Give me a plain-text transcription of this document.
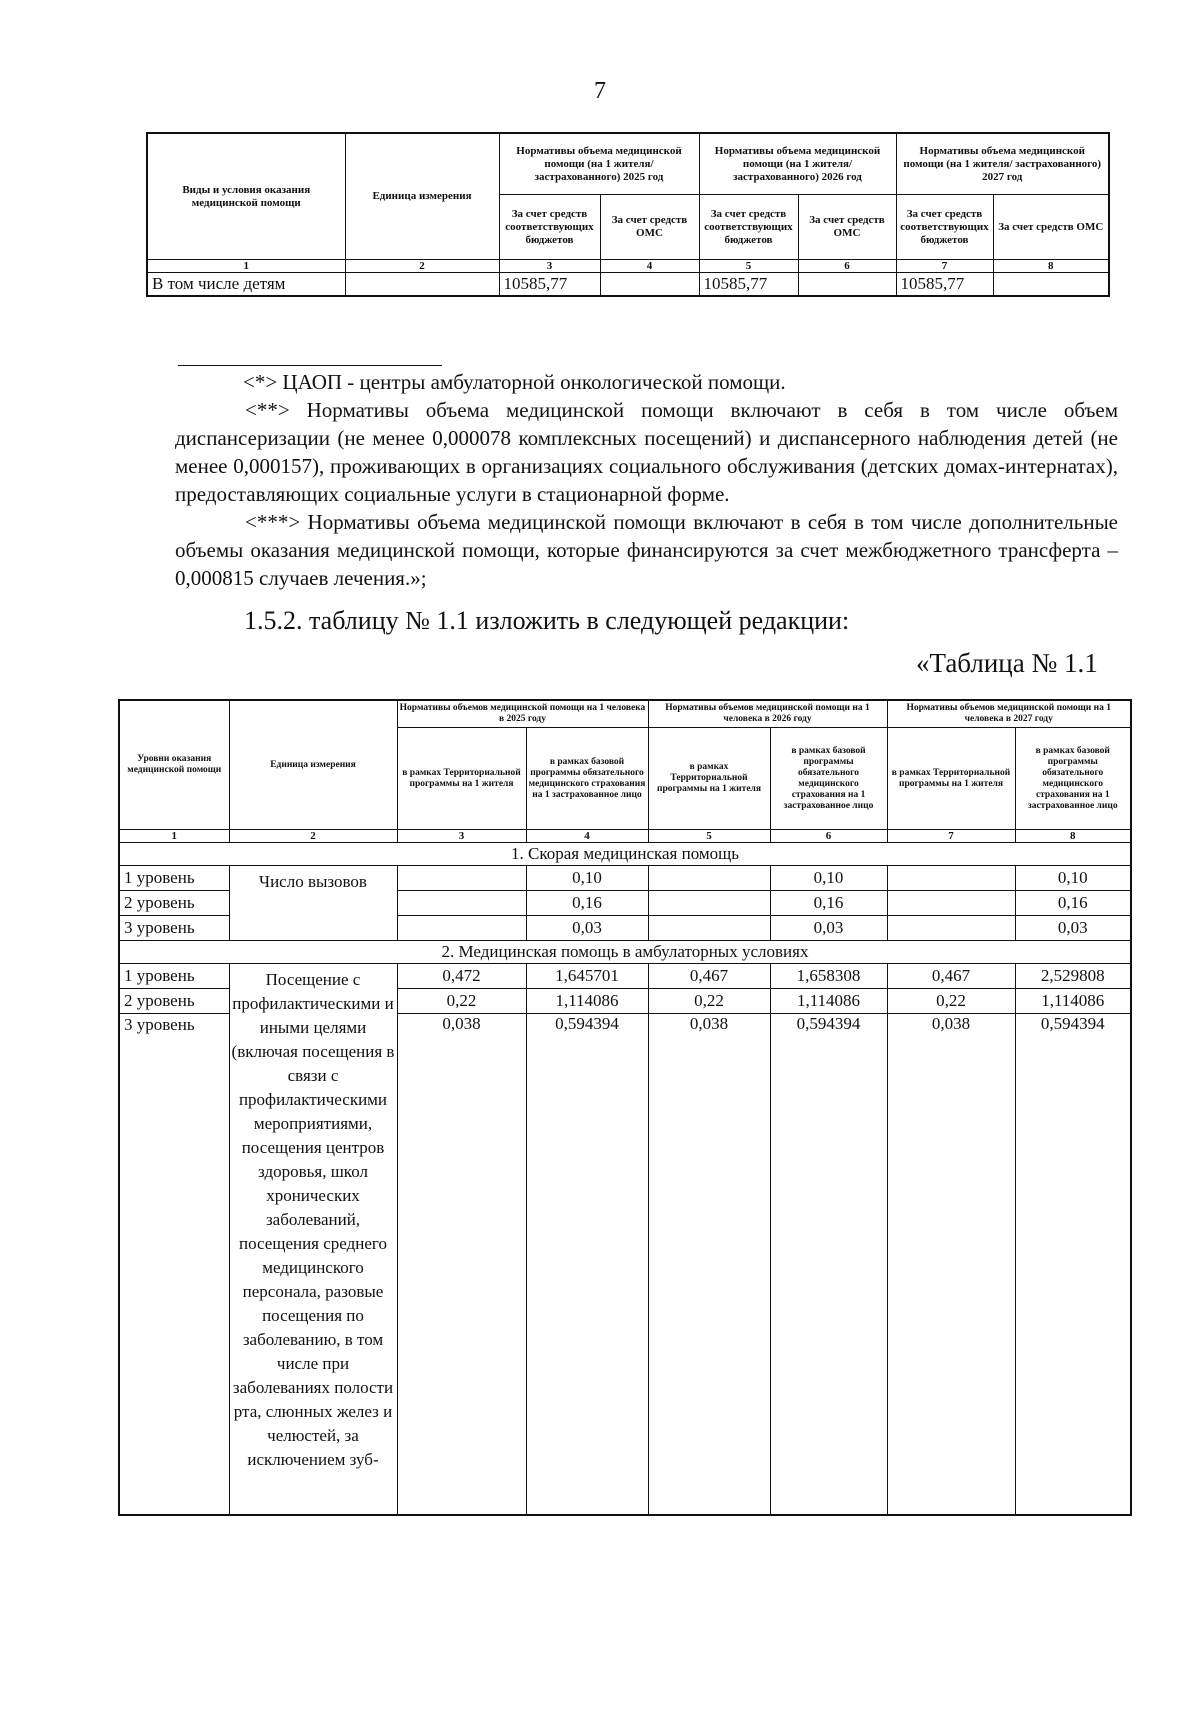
7
Виды и условия оказания медицинской помощи	Единица измерения	Нормативы объема медицинской помощи (на 1 жителя/ застрахованного) 2025 год		Нормативы объема медицинской помощи (на 1 жителя/ застрахованного) 2026 год		Нормативы объема медицинской помощи (на 1 жителя/ застрахованного) 2027 год	
		За счет средств соответствующих бюджетов	За счет средств ОМС	За счет средств соответствующих бюджетов	За счет средств ОМС	За счет средств соответствующих бюджетов	За счет средств ОМС
1	2	3	4	5	6	7	8
В том числе детям		10585,77		10585,77		10585,77	

<*> ЦАОП - центры амбулаторной онкологической помощи.

<**> Нормативы объема медицинской помощи включают в себя в том числе объем диспансеризации (не менее 0,000078 комплексных посещений) и диспансерного наблюдения детей (не менее 0,000157), проживающих в организациях социального обслуживания (детских домах-интернатах), предоставляющих социальные услуги в стационарной форме.

<***> Нормативы объема медицинской помощи включают в себя в том числе дополнительные объемы оказания медицинской помощи, которые финансируются за счет межбюджетного трансферта – 0,000815 случаев лечения.»;

1.5.2. таблицу № 1.1 изложить в следующей редакции:
«Таблица № 1.1
Уровни оказания медицинской помощи	Единица измерения	Нормативы объемов медицинской помощи на 1 человека в 2025 году		Нормативы объемов медицинской помощи на 1 человека в 2026 году		Нормативы объемов медицинской помощи на 1 человека в 2027 году	
		в рамках Территориальной программы на 1 жителя	в рамках базовой программы обязательного медицинского страхования на 1 застрахованное лицо	в рамках Территориальной программы на 1 жителя	в рамках базовой программы обязательного медицинского страхования на 1 застрахованное лицо	в рамках Территориальной программы на 1 жителя	в рамках базовой программы обязательного медицинского страхования на 1 застрахованное лицо
1	2	3	4	5	6	7	8
1. Скорая медицинская помощь							
1 уровень	Число вызовов		0,10		0,10		0,10
2 уровень			0,16		0,16		0,16
3 уровень			0,03		0,03		0,03
2. Медицинская помощь в амбулаторных условиях							
1 уровень	Посещение с профилактическими и иными целями (включая посещения в связи с профилактическими мероприятиями, посещения центров здоровья, школ хронических заболеваний, посещения среднего медицинского персонала, разовые посещения по заболеванию, в том числе при заболеваниях полости рта, слюнных желез и челюстей, за исключением зуб-	0,472	1,645701	0,467	1,658308	0,467	2,529808
2 уровень		0,22	1,114086	0,22	1,114086	0,22	1,114086
3 уровень		0,038	0,594394	0,038	0,594394	0,038	0,594394
